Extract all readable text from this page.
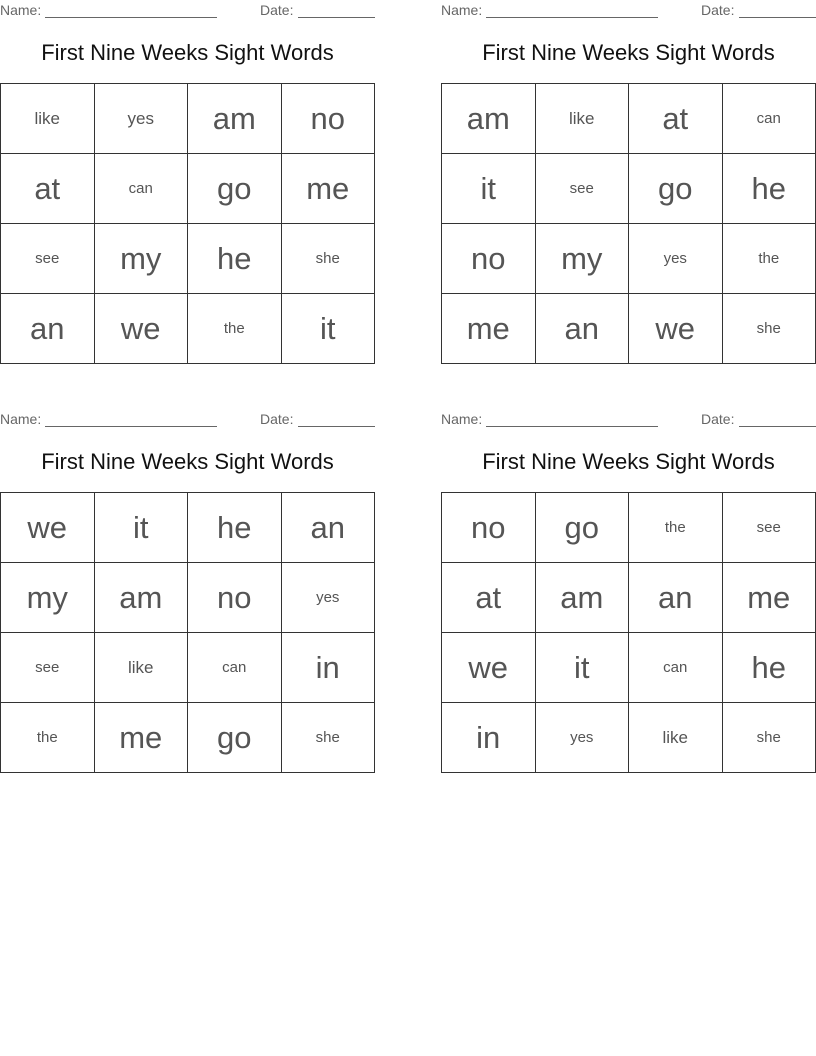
Name:	Date:
First Nine Weeks Sight Words
like	yes	am	no
at	can	go	me
see	my	he	she
an	we	the	it
Name:	Date:
First Nine Weeks Sight Words
am	like	at	can
it	see	go	he
no	my	yes	the
me	an	we	she
Name:	Date:
First Nine Weeks Sight Words
we	it	he	an
my	am	no	yes
see	like	can	in
the	me	go	she
Name:	Date:
First Nine Weeks Sight Words
no	go	the	see
at	am	an	me
we	it	can	he
in	yes	like	she
